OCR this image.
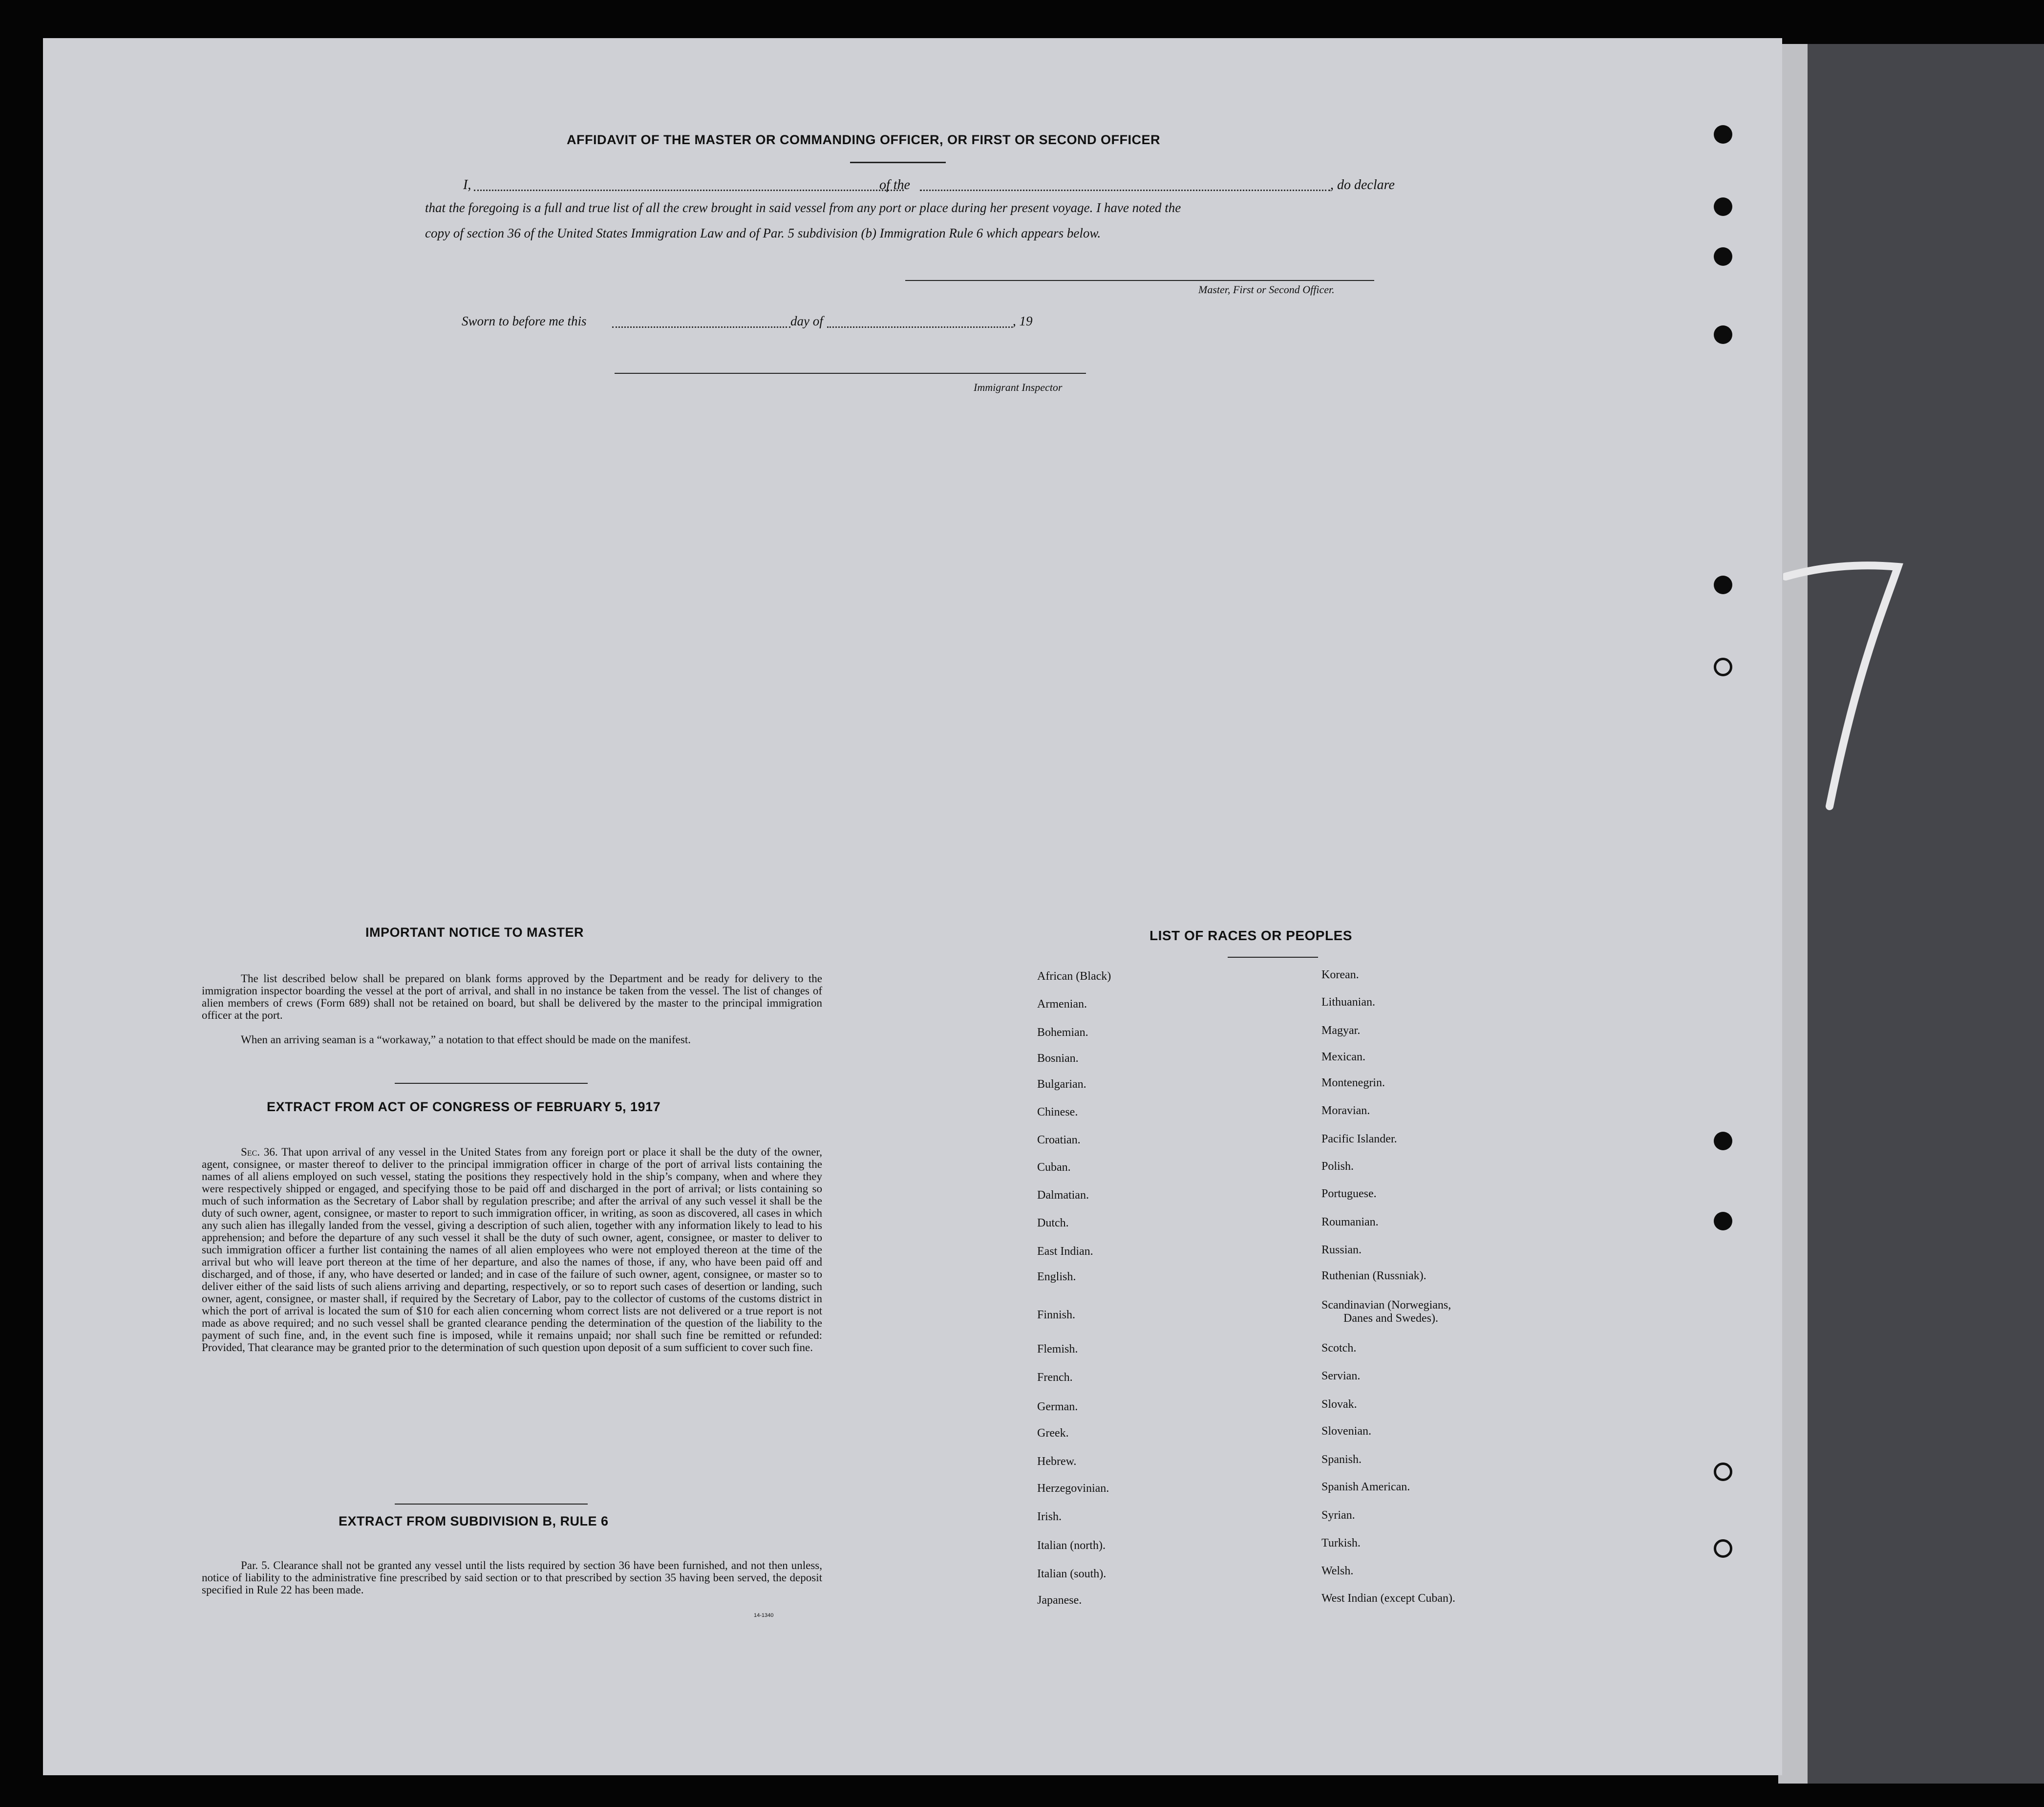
AFFIDAVIT OF THE MASTER OR COMMANDING OFFICER, OR FIRST OR SECOND OFFICER
I,	of the	, do declare
that the foregoing is a full and true list of all the crew brought in said vessel from any port or place during her present voyage. I have noted the
copy of section 36 of the United States Immigration Law and of Par. 5 subdivision (b) Immigration Rule 6 which appears below.
Master, First or Second Officer.
Sworn to before me this	day of	, 19
Immigrant Inspector
IMPORTANT NOTICE TO MASTER
The list described below shall be prepared on blank forms approved by the Department and be ready for delivery to the immigration inspector boarding the vessel at the port of arrival, and shall in no instance be taken from the vessel. The list of changes of alien members of crews (Form 689) shall not be retained on board, but shall be delivered by the master to the principal immigration officer at the port.
When an arriving seaman is a “workaway,” a notation to that effect should be made on the manifest.
EXTRACT FROM ACT OF CONGRESS OF FEBRUARY 5, 1917
Sec. 36. That upon arrival of any vessel in the United States from any foreign port or place it shall be the duty of the owner, agent, consignee, or master thereof to deliver to the principal immigration officer in charge of the port of arrival lists containing the names of all aliens employed on such vessel, stating the positions they respectively hold in the ship’s company, when and where they were respectively shipped or engaged, and specifying those to be paid off and discharged in the port of arrival; or lists containing so much of such information as the Secretary of Labor shall by regulation prescribe; and after the arrival of any such vessel it shall be the duty of such owner, agent, consignee, or master to report to such immigration officer, in writing, as soon as discovered, all cases in which any such alien has illegally landed from the vessel, giving a description of such alien, together with any information likely to lead to his apprehension; and before the departure of any such vessel it shall be the duty of such owner, agent, consignee, or master to deliver to such immigration officer a further list containing the names of all alien employees who were not employed thereon at the time of the arrival but who will leave port thereon at the time of her departure, and also the names of those, if any, who have been paid off and discharged, and of those, if any, who have deserted or landed; and in case of the failure of such owner, agent, consignee, or master so to deliver either of the said lists of such aliens arriving and departing, respectively, or so to report such cases of desertion or landing, such owner, agent, consignee, or master shall, if required by the Secretary of Labor, pay to the collector of customs of the customs district in which the port of arrival is located the sum of $10 for each alien concerning whom correct lists are not delivered or a true report is not made as above required; and no such vessel shall be granted clearance pending the determination of the question of the liability to the payment of such fine, and, in the event such fine is imposed, while it remains unpaid; nor shall such fine be remitted or refunded: Provided, That clearance may be granted prior to the determination of such question upon deposit of a sum sufficient to cover such fine.
EXTRACT FROM SUBDIVISION B, RULE 6
Par. 5. Clearance shall not be granted any vessel until the lists required by section 36 have been furnished, and not then unless, notice of liability to the administrative fine prescribed by said section or to that prescribed by section 35 having been served, the deposit specified in Rule 22 has been made.
14-1340
LIST OF RACES OR PEOPLES
African (Black)
Armenian.
Bohemian.
Bosnian.
Bulgarian.
Chinese.
Croatian.
Cuban.
Dalmatian.
Dutch.
East Indian.
English.
Finnish.
Flemish.
French.
German.
Greek.
Hebrew.
Herzegovinian.
Irish.
Italian (north).
Italian (south).
Japanese.
Korean.
Lithuanian.
Magyar.
Mexican.
Montenegrin.
Moravian.
Pacific Islander.
Polish.
Portuguese.
Roumanian.
Russian.
Ruthenian (Russniak).
Scandinavian (Norwegians,
Danes and Swedes).
Scotch.
Servian.
Slovak.
Slovenian.
Spanish.
Spanish American.
Syrian.
Turkish.
Welsh.
West Indian (except Cuban).
